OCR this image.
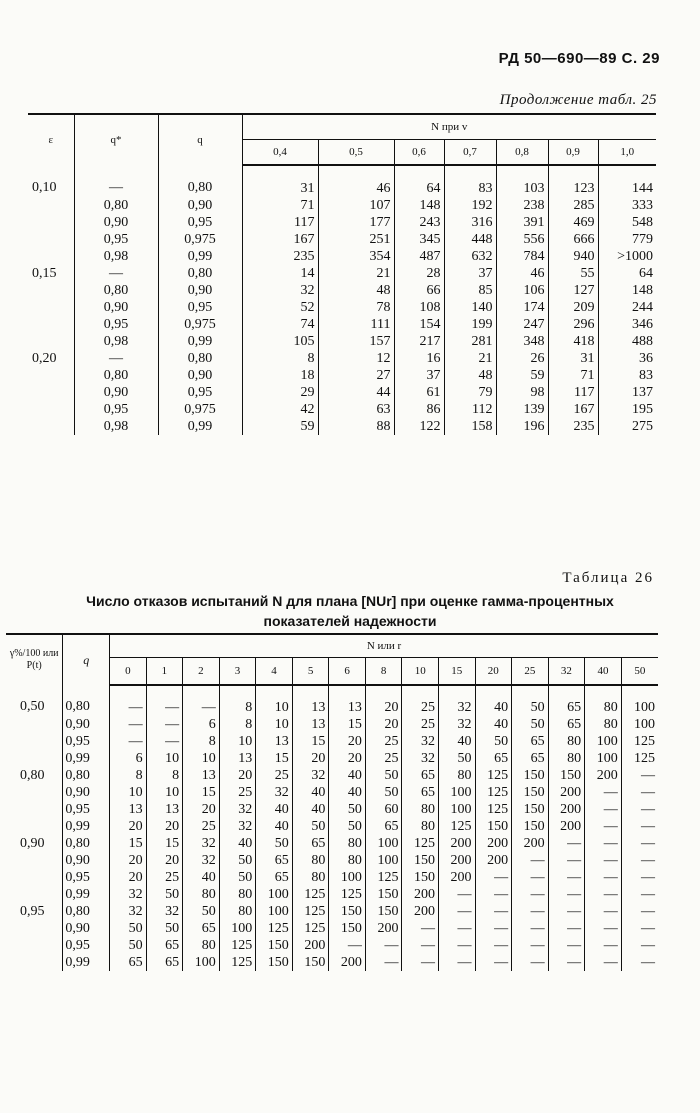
РД 50—690—89 С. 29
Продолжение табл. 25
ε	q*	q	N при v						
			0,4	0,5	0,6	0,7	0,8	0,9	1,0
0,10	—	0,80	31	46	64	83	103	123	144
	0,80	0,90	71	107	148	192	238	285	333
	0,90	0,95	117	177	243	316	391	469	548
	0,95	0,975	167	251	345	448	556	666	779
	0,98	0,99	235	354	487	632	784	940	>1000
0,15	—	0,80	14	21	28	37	46	55	64
	0,80	0,90	32	48	66	85	106	127	148
	0,90	0,95	52	78	108	140	174	209	244
	0,95	0,975	74	111	154	199	247	296	346
	0,98	0,99	105	157	217	281	348	418	488
0,20	—	0,80	8	12	16	21	26	31	36
	0,80	0,90	18	27	37	48	59	71	83
	0,90	0,95	29	44	61	79	98	117	137
	0,95	0,975	42	63	86	112	139	167	195
	0,98	0,99	59	88	122	158	196	235	275
Таблица 26
Число отказов испытаний N для плана [NUr] при оценке гамма-процентных
показателей надежности
γ%/100 или P(t)	q	N или r														
		0	1	2	3	4	5	6	8	10	15	20	25	32	40	50
0,50	0,80	—	—	—	8	10	13	13	20	25	32	40	50	65	80	100
	0,90	—	—	6	8	10	13	15	20	25	32	40	50	65	80	100
	0,95	—	—	8	10	13	15	20	25	32	40	50	65	80	100	125
	0,99	6	10	10	13	15	20	20	25	32	50	65	65	80	100	125
0,80	0,80	8	8	13	20	25	32	40	50	65	80	125	150	150	200	—
	0,90	10	10	15	25	32	40	40	50	65	100	125	150	200	—	—
	0,95	13	13	20	32	40	40	50	60	80	100	125	150	200	—	—
	0,99	20	20	25	32	40	50	50	65	80	125	150	150	200	—	—
0,90	0,80	15	15	32	40	50	65	80	100	125	200	200	200	—	—	—
	0,90	20	20	32	50	65	80	80	100	150	200	200	—	—	—	—
	0,95	20	25	40	50	65	80	100	125	150	200	—	—	—	—	—
	0,99	32	50	80	80	100	125	125	150	200	—	—	—	—	—	—
0,95	0,80	32	32	50	80	100	125	150	150	200	—	—	—	—	—	—
	0,90	50	50	65	100	125	125	150	200	—	—	—	—	—	—	—
	0,95	50	65	80	125	150	200	—	—	—	—	—	—	—	—	—
	0,99	65	65	100	125	150	150	200	—	—	—	—	—	—	—	—
